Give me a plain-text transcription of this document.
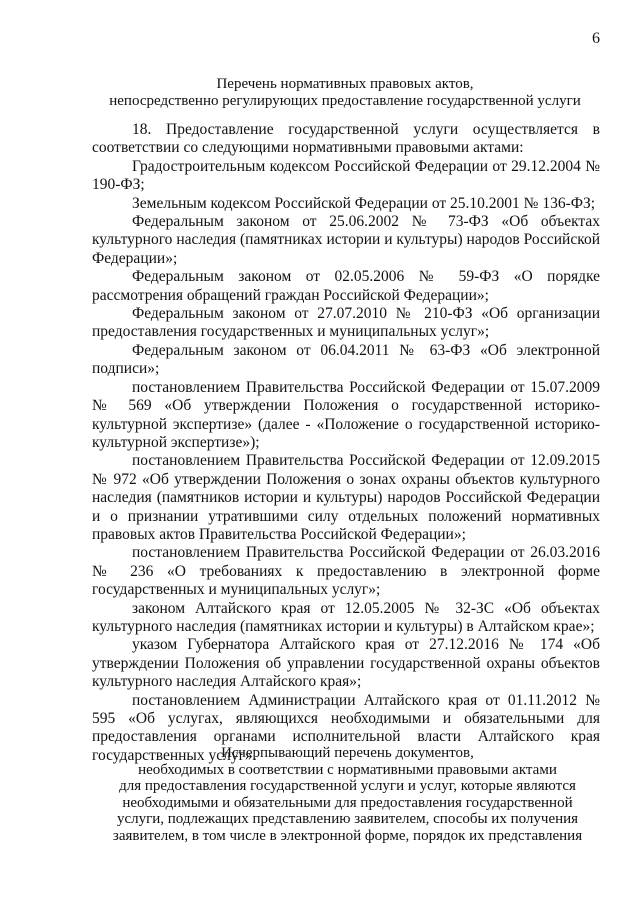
6
Перечень нормативных правовых актов,
непосредственно регулирующих предоставление государственной услуги

18. Предоставление государственной услуги осуществляется в соответствии со следующими нормативными правовыми актами:

Градостроительным кодексом Российской Федерации от 29.12.2004 № 190-ФЗ;

Земельным кодексом Российской Федерации от 25.10.2001 № 136-ФЗ;

Федеральным законом от 25.06.2002 № 73-ФЗ «Об объектах культурного наследия (памятниках истории и культуры) народов Российской Федерации»;

Федеральным законом от 02.05.2006 № 59-ФЗ «О порядке рассмотрения обращений граждан Российской Федерации»;

Федеральным законом от 27.07.2010 № 210-ФЗ «Об организации предоставления государственных и муниципальных услуг»;

Федеральным законом от 06.04.2011 № 63-ФЗ «Об электронной подписи»;

постановлением Правительства Российской Федерации от 15.07.2009 № 569 «Об утверждении Положения о государственной историко-культурной экспертизе» (далее - «Положение о государственной историко-культурной экспертизе»);

постановлением Правительства Российской Федерации от 12.09.2015 № 972 «Об утверждении Положения о зонах охраны объектов культурного наследия (памятников истории и культуры) народов Российской Федерации и о признании утратившими силу отдельных положений нормативных правовых актов Правительства Российской Федерации»;

постановлением Правительства Российской Федерации от 26.03.2016 № 236 «О требованиях к предоставлению в электронной форме государственных и муниципальных услуг»;

законом Алтайского края от 12.05.2005 № 32-ЗС «Об объектах культурного наследия (памятниках истории и культуры) в Алтайском крае»;

указом Губернатора Алтайского края от 27.12.2016 № 174 «Об утверждении Положения об управлении государственной охраны объектов культурного наследия Алтайского края»;

постановлением Администрации Алтайского края от 01.11.2012 № 595 «Об услугах, являющихся необходимыми и обязательными для предоставления органами исполнительной власти Алтайского края государственных услуг».

Исчерпывающий перечень документов,
необходимых в соответствии с нормативными правовыми актами
для предоставления государственной услуги и услуг, которые являются
необходимыми и обязательными для предоставления государственной
услуги, подлежащих представлению заявителем, способы их получения
заявителем, в том числе в электронной форме, порядок их представления
